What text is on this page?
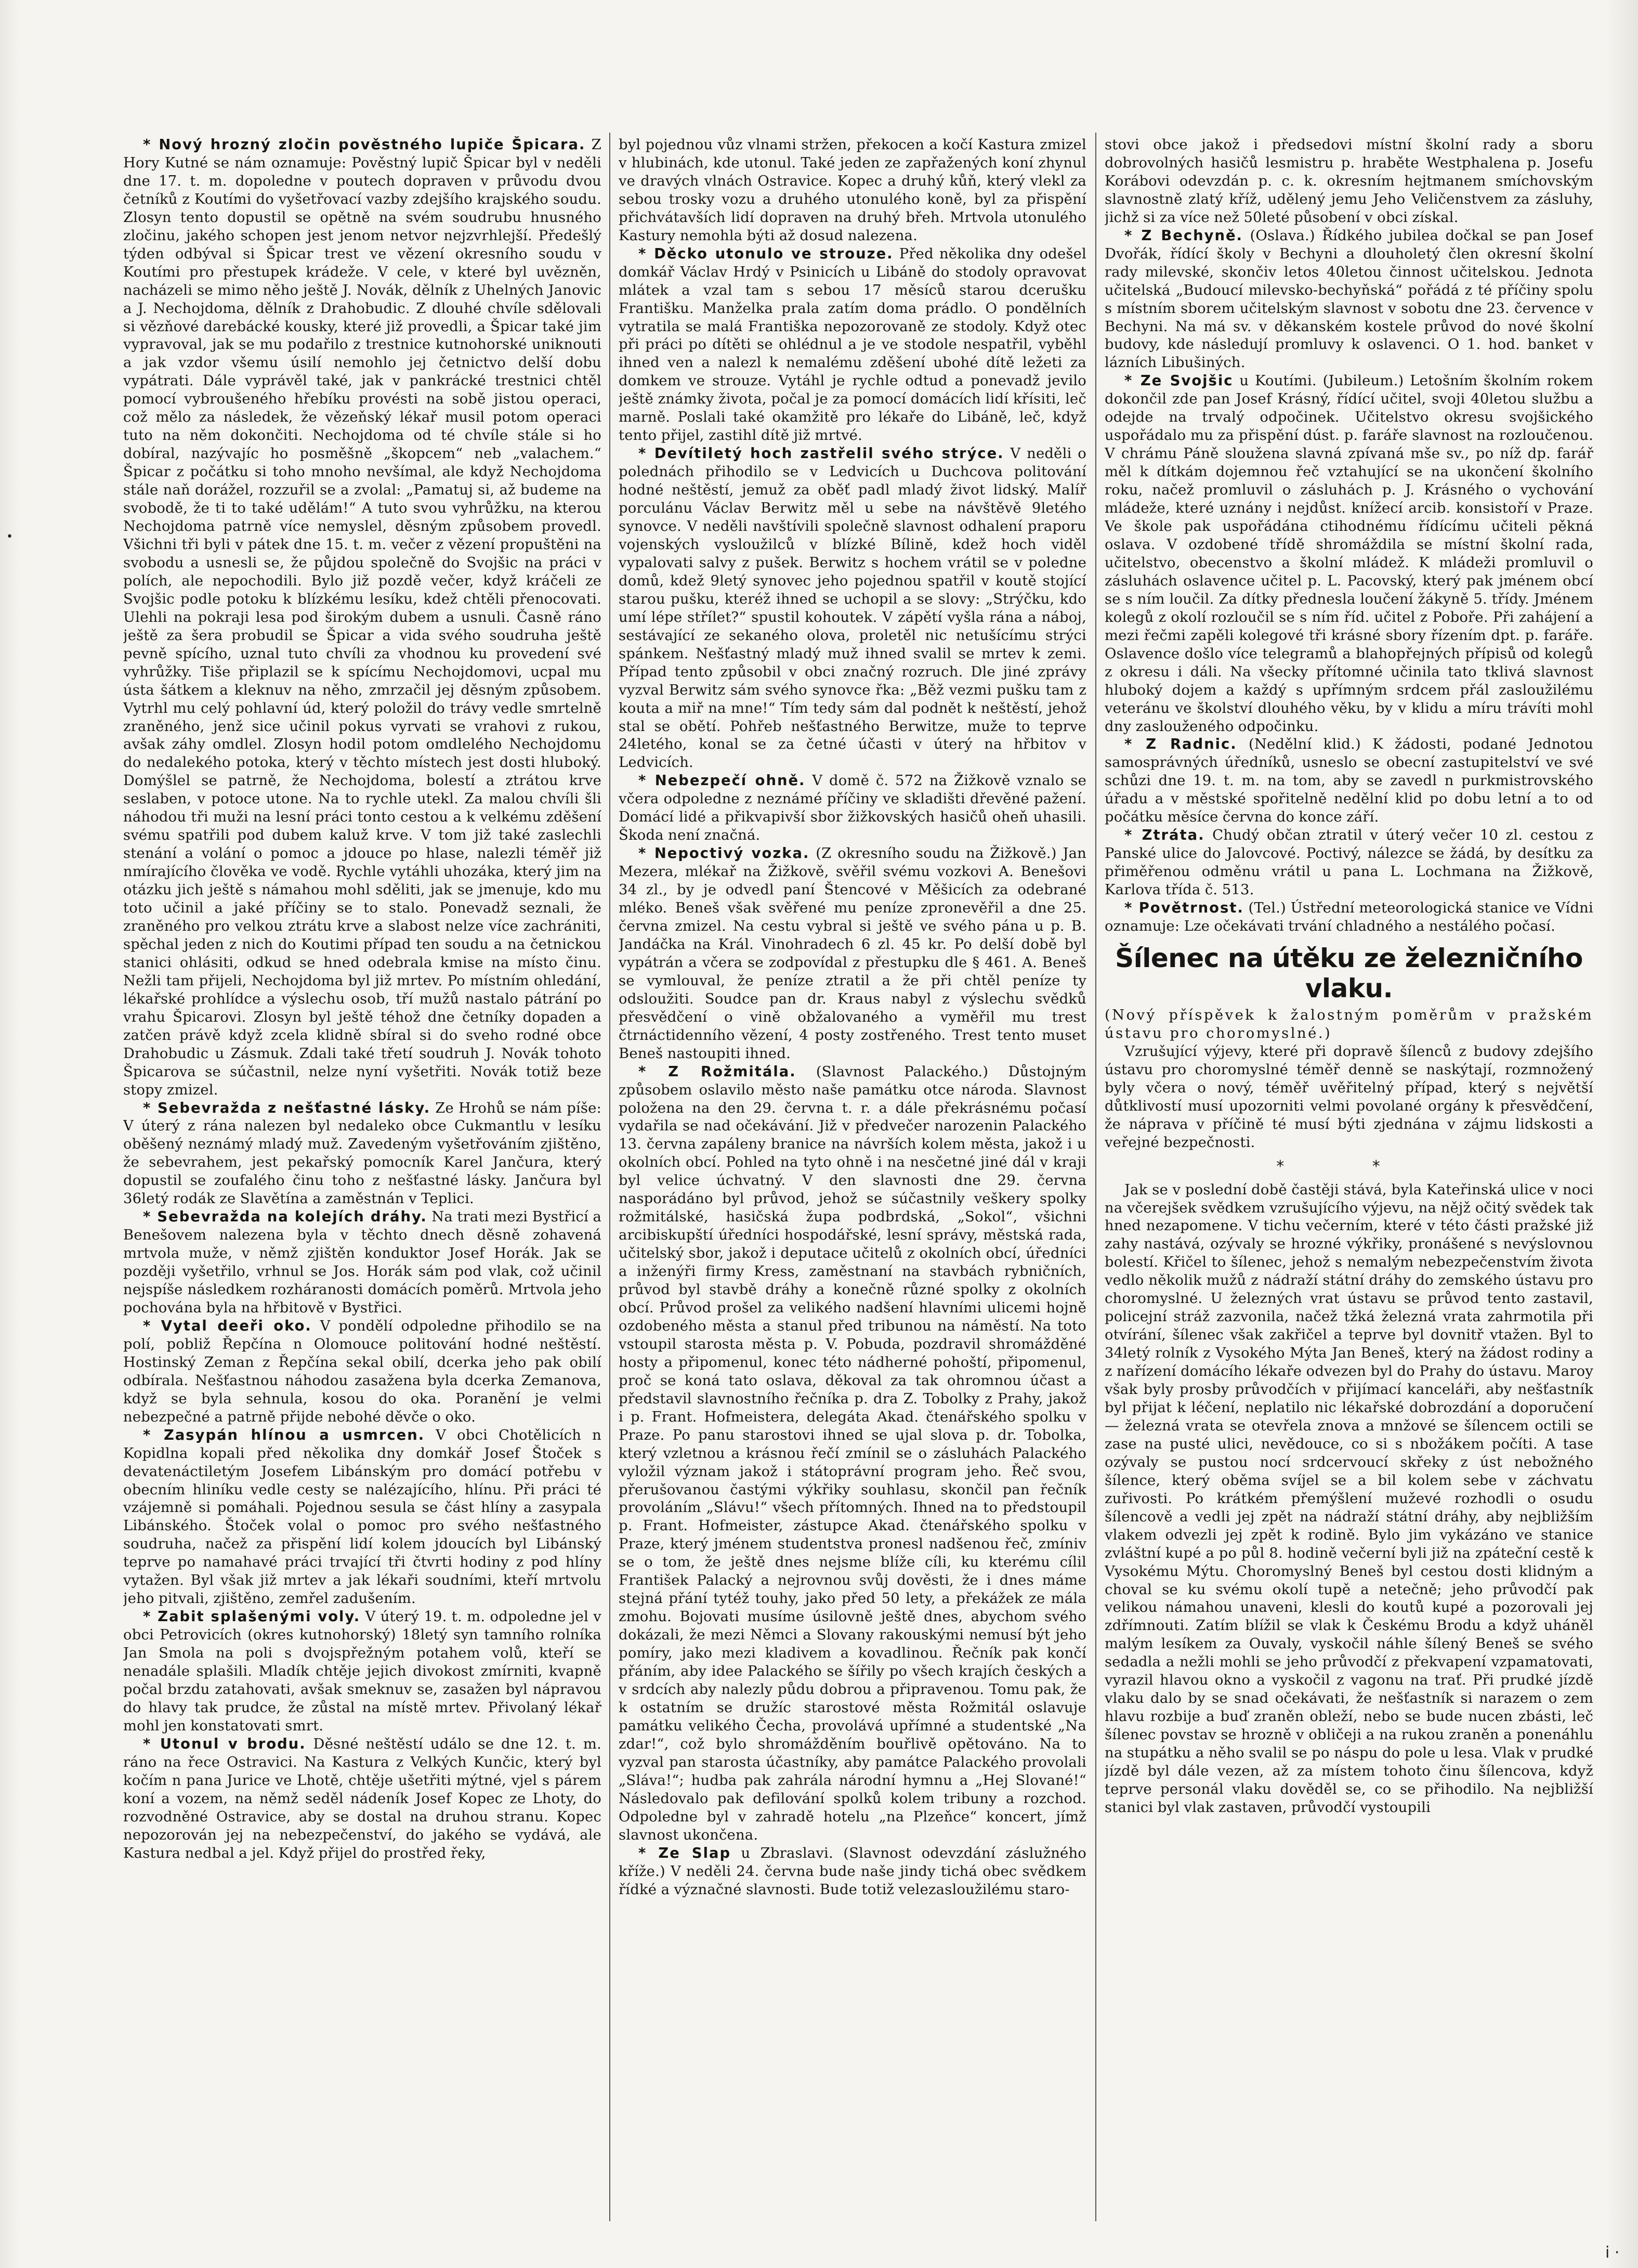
•
i ·

* Nový hrozný zločin pověstného lupiče Špicara. Z Hory Kutné se nám oznamuje: Pověstný lupič Špicar byl v neděli dne 17. t. m. dopoledne v poutech dopraven v průvodu dvou četníků z Koutími do vyšetřovací vazby zdejšího krajského soudu. Zlosyn tento dopustil se opětně na svém soudrubu hnusného zločinu, jakého schopen jest jenom netvor nejzvrhlejší. Předešlý týden odbýval si Špicar trest ve vězení okresního soudu v Koutími pro přestupek krádeže. V cele, v které byl uvězněn, nacházeli se mimo něho ještě J. Novák, dělník z Uhelných Janovic a J. Nechojdoma, dělník z Drahobudic. Z dlouhé chvíle sdělovali si vězňové darebácké kousky, které již provedli, a Špicar také jim vypravoval, jak se mu podařilo z trestnice kutnohorské uniknouti a jak vzdor všemu úsilí nemohlo jej četnictvo delší dobu vypátrati. Dále vyprávěl také, jak v pankrácké trestnici chtěl pomocí vybroušeného hřebíku provésti na sobě jistou operaci, což mělo za následek, že vězeňský lékař musil potom operaci tuto na něm dokončiti. Nechojdoma od té chvíle stále si ho dobíral, nazývajíc ho posměšně „škopcem“ neb „valachem.“ Špicar z počátku si toho mnoho nevšímal, ale když Nechojdoma stále naň dorážel, rozzuřil se a zvolal: „Pamatuj si, až budeme na svobodě, že ti to také udělám!“ A tuto svou vyhrůžku, na kterou Nechojdoma patrně více nemyslel, děsným způsobem provedl. Všichni tři byli v pátek dne 15. t. m. večer z vězení propuštěni na svobodu a usnesli se, že půjdou společně do Svojšic na práci v polích, ale nepochodili. Bylo již pozdě večer, když kráčeli ze Svojšic podle potoku k blízkému lesíku, kdež chtěli přenocovati. Ulehli na pokraji lesa pod širokým dubem a usnuli. Časně ráno ještě za šera probudil se Špicar a vida svého soudruha ještě pevně spícího, uznal tuto chvíli za vhodnou ku provedení své vyhrůžky. Tiše připlazil se k spícímu Nechojdomovi, ucpal mu ústa šátkem a kleknuv na něho, zmrzačil jej děsným způsobem. Vytrhl mu celý pohlavní úd, který položil do trávy vedle smrtelně zraněného, jenž sice učinil pokus vyrvati se vrahovi z rukou, avšak záhy omdlel. Zlosyn hodil potom omdlelého Nechojdomu do nedalekého potoka, který v těchto místech jest dosti hluboký. Domýšlel se patrně, že Nechojdoma, bolestí a ztrátou krve seslaben, v potoce utone. Na to rychle utekl. Za malou chvíli šli náhodou tři muži na lesní práci tonto cestou a k velkému zděšení svému spatřili pod dubem kaluž krve. V tom již také zaslechli stenání a volání o pomoc a jdouce po hlase, nalezli téměř již nmírajícího člověka ve vodě. Rychle vytáhli uhozáka, který jim na otázku jich ještě s námahou mohl sděliti, jak se jmenuje, kdo mu toto učinil a jaké příčiny se to stalo. Ponevadž seznali, že zraněného pro velkou ztrátu krve a slabost nelze více zachrániti, spěchal jeden z nich do Koutimi případ ten soudu a na četnickou stanici ohlásiti, odkud se hned odebrala kmise na místo činu. Nežli tam přijeli, Nechojdoma byl již mrtev. Po místním ohledání, lékařské prohlídce a výslechu osob, tří mužů nastalo pátrání po vrahu Špicarovi. Zlosyn byl ještě téhož dne četníky dopaden a zatčen právě když zcela klidně sbíral si do sveho rodné obce Drahobudic u Zásmuk. Zdali také třetí soudruh J. Novák tohoto Špicarova se súčastnil, nelze nyní vyšetřiti. Novák totiž beze stopy zmizel.

* Sebevražda z nešťastné lásky. Ze Hrohů se nám píše: V úterý z rána nalezen byl nedaleko obce Cukmantlu v lesíku oběšený neznámý mladý muž. Zavedeným vyšetřováním zjištěno, že sebevrahem, jest pekařský pomocník Karel Jančura, který dopustil se zoufalého činu toho z nešťastné lásky. Jančura byl 36letý rodák ze Slavětína a zaměstnán v Teplici.

* Sebevražda na kolejích dráhy. Na trati mezi Bystřicí a Benešovem nalezena byla v těchto dnech děsně zohavená mrtvola muže, v němž zjištěn konduktor Josef Horák. Jak se později vyšetřilo, vrhnul se Jos. Horák sám pod vlak, což učinil nejspíše následkem rozháranosti domácích poměrů. Mrtvola jeho pochována byla na hřbitově v Bystřici.

* Vytal deeři oko. V pondělí odpoledne přihodilo se na polí, pobliž Řepčína n Olomouce politování hodné neštěstí. Hostinský Zeman z Řepčína sekal obilí, dcerka jeho pak obilí odbírala. Nešťastnou náhodou zasažena byla dcerka Zemanova, když se byla sehnula, kosou do oka. Poranění je velmi nebezpečné a patrně přijde nebohé děvče o oko.

* Zasypán hlínou a usmrcen. V obci Chotělicích n Kopidlna kopali před několika dny domkář Josef Štoček s devatenáctiletým Josefem Libánským pro domácí potřebu v obecním hliníku vedle cesty se nalézajícího, hlínu. Při práci té vzájemně si pomáhali. Pojednou sesula se část hlíny a zasypala Libánského. Štoček volal o pomoc pro svého nešťastného soudruha, načež za přispění lidí kolem jdoucích byl Libánský teprve po namahavé práci trvající tři čtvrti hodiny z pod hlíny vytažen. Byl však již mrtev a jak lékaři soudními, kteří mrtvolu jeho pitvali, zjištěno, zemřel zadušením.

* Zabit splašenými voly. V úterý 19. t. m. odpoledne jel v obci Petrovicích (okres kutnohorský) 18letý syn tamního rolníka Jan Smola na poli s dvojspřežným potahem volů, kteří se nenadále splašili. Mladík chtěje jejich divokost zmírniti, kvapně počal brzdu zatahovati, avšak smeknuv se, zasažen byl nápravou do hlavy tak prudce, že zůstal na místě mrtev. Přivolaný lékař mohl jen konstatovati smrt.

* Utonul v brodu. Děsné neštěstí událo se dne 12. t. m. ráno na řece Ostravici. Na Kastura z Velkých Kunčic, který byl kočím n pana Jurice ve Lhotě, chtěje ušetřiti mýtné, vjel s párem koní a vozem, na němž seděl nádeník Josef Kopec ze Lhoty, do rozvodněné Ostravice, aby se dostal na druhou stranu. Kopec nepozorován jej na nebezpečenství, do jakého se vydává, ale Kastura nedbal a jel. Když přijel do prostřed řeky,

byl pojednou vůz vlnami stržen, překocen a kočí Kastura zmizel v hlubinách, kde utonul. Také jeden ze zapřažených koní zhynul ve dravých vlnách Ostravice. Kopec a druhý kůň, který vlekl za sebou trosky vozu a druhého utonulého koně, byl za přispění přichvátavších lidí dopraven na druhý břeh. Mrtvola utonulého Kastury nemohla býti až dosud nalezena.

* Děcko utonulo ve strouze. Před několika dny odešel domkář Václav Hrdý v Psinicích u Libáně do stodoly opravovat mlátek a vzal tam s sebou 17 měsíců starou dcerušku Františku. Manželka prala zatím doma prádlo. O pondělních vytratila se malá Františka nepozorovaně ze stodoly. Když otec při práci po dítěti se ohlédnul a je ve stodole nespatřil, vyběhl ihned ven a nalezl k nemalému zděšení ubohé dítě ležeti za domkem ve strouze. Vytáhl je rychle odtud a ponevadž jevilo ještě známky života, počal je za pomocí domácích lidí křísiti, leč marně. Poslali také okamžitě pro lékaře do Libáně, leč, když tento přijel, zastihl dítě již mrtvé.

* Devítiletý hoch zastřelil svého strýce. V neděli o polednách přihodilo se v Ledvicích u Duchcova politování hodné neštěstí, jemuž za oběť padl mladý život lidský. Malíř porculánu Václav Berwitz měl u sebe na návštěvě 9letého synovce. V neděli navštívili společně slavnost odhalení praporu vojenských vysloužilců v blízké Bílině, kdež hoch viděl vypalovati salvy z pušek. Berwitz s hochem vrátil se v poledne domů, kdež 9letý synovec jeho pojednou spatřil v koutě stojící starou pušku, kteréž ihned se uchopil a se slovy: „Strýčku, kdo umí lépe střílet?“ spustil kohoutek. V zápětí vyšla rána a náboj, sestávající ze sekaného olova, proletěl nic netušícímu strýci spánkem. Nešťastný mladý muž ihned svalil se mrtev k zemi. Případ tento způsobil v obci značný rozruch. Dle jiné zprávy vyzval Berwitz sám svého synovce řka: „Běž vezmi pušku tam z kouta a miř na mne!“ Tím tedy sám dal podnět k neštěstí, jehož stal se obětí. Pohřeb nešťastného Berwitze, muže to teprve 24letého, konal se za četné účasti v úterý na hřbitov v Ledvicích.

* Nebezpečí ohně. V domě č. 572 na Žižkově vznalo se včera odpoledne z neznámé příčiny ve skladišti dřevěné pažení. Domácí lidé a přikvapivší sbor žižkovských hasičů oheň uhasili. Škoda není značná.

* Nepoctivý vozka. (Z okresního soudu na Žižkově.) Jan Mezera, mlékař na Žižkově, svěřil svému vozkovi A. Benešovi 34 zl., by je odvedl paní Štencové v Měšicích za odebrané mléko. Beneš však svěřené mu peníze zpronevěřil a dne 25. června zmizel. Na cestu vybral si ještě ve svého pána u p. B. Jandáčka na Král. Vinohradech 6 zl. 45 kr. Po delší době byl vypátrán a včera se zodpovídal z přestupku dle § 461. A. Beneš se vymlouval, že peníze ztratil a že při chtěl peníze ty odsloužiti. Soudce pan dr. Kraus nabyl z výslechu svědků přesvědčení o vině obžalovaného a vyměřil mu trest čtrnáctidenního vězení, 4 posty zostřeného. Trest tento muset Beneš nastoupiti ihned.

* Z Rožmitála. (Slavnost Palackého.) Důstojným způsobem oslavilo město naše památku otce národa. Slavnost položena na den 29. června t. r. a dále překrásnému počasí vydařila se nad očekávání. Již v předvečer narozenin Palackého 13. června zapáleny branice na návrších kolem města, jakož i u okolních obcí. Pohled na tyto ohně i na nesčetné jiné dál v kraji byl velice úchvatný. V den slavnosti dne 29. června nasporádáno byl průvod, jehož se súčastnily veškery spolky rožmitálské, hasičská župa podbrdská, „Sokol“, všichni arcibiskupští úředníci hospodářské, lesní správy, městská rada, učitelský sbor, jakož i deputace učitelů z okolních obcí, úředníci a inženýři firmy Kress, zaměstnaní na stavbách rybničních, průvod byl stavbě dráhy a konečně různé spolky z okolních obcí. Průvod prošel za velikého nadšení hlavními ulicemi hojně ozdobeného města a stanul před tribunou na náměstí. Na toto vstoupil starosta města p. V. Pobuda, pozdravil shromážděné hosty a připomenul, konec této nádherné pohoští, připomenul, proč se koná tato oslava, děkoval za tak ohromnou účast a představil slavnostního řečníka p. dra Z. Tobolky z Prahy, jakož i p. Frant. Hofmeistera, delegáta Akad. čtenářského spolku v Praze. Po panu starostovi ihned se ujal slova p. dr. Tobolka, který vzletnou a krásnou řečí zmínil se o zásluhách Palackého vyložil význam jakož i státoprávní program jeho. Řeč svou, přerušovanou častými výkřiky souhlasu, skončil pan řečník provoláním „Slávu!“ všech přítomných. Ihned na to předstoupil p. Frant. Hofmeister, zástupce Akad. čtenářského spolku v Praze, který jménem studentstva pronesl nadšenou řeč, zmíniv se o tom, že ještě dnes nejsme blíže cíli, ku kterému cílil František Palacký a nejrovnou svůj dověsti, že i dnes máme stejná přání tytéž touhy, jako před 50 lety, a překážek ze mála zmohu. Bojovati musíme úsilovně ještě dnes, abychom svého dokázali, že mezi Němci a Slovany rakouskými nemusí být jeho pomíry, jako mezi kladivem a kovadlinou. Řečník pak končí přáním, aby idee Palackého se šířily po všech krajích českých a v srdcích aby nalezly půdu dobrou a připravenou. Tomu pak, že k ostatním se družíc starostové města Rožmitál oslavuje památku velikého Čecha, provolává upřímné a studentské „Na zdar!“, což bylo shromážděním bouřlivě opětováno. Na to vyzval pan starosta účastníky, aby památce Palackého provolali „Sláva!“; hudba pak zahrála národní hymnu a „Hej Slované!“ Následovalo pak defilování spolků kolem tribuny a rozchod. Odpoledne byl v zahradě hotelu „na Plzeňce“ koncert, jímž slavnost ukončena.

* Ze Slap u Zbraslavi. (Slavnost odevzdání záslužného kříže.) V neděli 24. června bude naše jindy tichá obec svědkem řídké a význačné slavnosti. Bude totiž velezasloužilému staro-

stovi obce jakož i předsedovi místní školní rady a sboru dobrovolných hasičů lesmistru p. hraběte Westphalena p. Josefu Korábovi odevzdán p. c. k. okresním hejtmanem smíchovským slavnostně zlatý kříž, udělený jemu Jeho Veličenstvem za zásluhy, jichž si za více než 50leté působení v obci získal.

* Z Bechyně. (Oslava.) Řídkého jubilea dočkal se pan Josef Dvořák, řídící školy v Bechyni a dlouholetý člen okresní školní rady milevské, skončiv letos 40letou činnost učitelskou. Jednota učitelská „Budoucí milevsko-bechyňská“ pořádá z té příčiny spolu s místním sborem učitelským slavnost v sobotu dne 23. července v Bechyni. Na má sv. v děkanském kostele průvod do nové školní budovy, kde následují promluvy k oslavenci. O 1. hod. banket v lázních Libušiných.

* Ze Svojšic u Koutími. (Jubileum.) Letošním školním rokem dokončil zde pan Josef Krásný, řídící učitel, svoji 40letou službu a odejde na trvalý odpočinek. Učitelstvo okresu svojšického uspořádalo mu za přispění dúst. p. faráře slavnost na rozloučenou. V chrámu Páně sloužena slavná zpívaná mše sv., po níž dp. farář měl k dítkám dojemnou řeč vztahující se na ukončení školního roku, načež promluvil o zásluhách p. J. Krásného o vychování mládeže, které uznány i nejdůst. knížecí arcib. konsistoří v Praze. Ve škole pak uspořádána ctihodnému řídícímu učiteli pěkná oslava. V ozdobené třídě shromáždila se místní školní rada, učitelstvo, obecenstvo a školní mládež. K mládeži promluvil o zásluhách oslavence učitel p. L. Pacovský, který pak jménem obcí se s ním loučil. Za dítky přednesla loučení žákyně 5. třídy. Jménem kolegů z okolí rozloučil se s ním říd. učitel z Poboře. Při zahájení a mezi řečmi zapěli kolegové tři krásné sbory řízením dpt. p. faráře. Oslavence došlo více telegramů a blahopřejných přípisů od kolegů z okresu i dáli. Na všecky přítomné učinila tato tklivá slavnost hluboký dojem a každý s upřímným srdcem přál zasloužilému veteránu ve školství dlouhého věku, by v klidu a míru trávíti mohl dny zaslouženého odpočinku.

* Z Radnic. (Nedělní klid.) K žádosti, podané Jednotou samosprávných úředníků, usneslo se obecní zastupitelství ve své schůzi dne 19. t. m. na tom, aby se zavedl n purkmistrovského úřadu a v městské spořitelně nedělní klid po dobu letní a to od počátku měsíce června do konce září.

* Ztráta. Chudý občan ztratil v úterý večer 10 zl. cestou z Panské ulice do Jalovcové. Poctivý, nálezce se žádá, by desítku za přiměřenou odměnu vrátil u pana L. Lochmana na Žižkově, Karlova třída č. 513.

* Povětrnost. (Tel.) Ústřední meteorologická stanice ve Vídni oznamuje: Lze očekávati trvání chladného a nestálého počasí.

Šílenec na útěku ze železničního vlaku.

(Nový příspěvek k žalostným poměrům v pražském ústavu pro choromyslné.)

Vzrušující výjevy, které při dopravě šílenců z budovy zdejšího ústavu pro choromyslné téměř denně se naskýtají, rozmnožený byly včera o nový, téměř uvěřitelný případ, který s největší důtklivostí musí upozorniti velmi povolané orgány k přesvědčení, že náprava v příčině té musí býti zjednána v zájmu lidskosti a veřejné bezpečnosti.

* *

Jak se v poslední době častěji stává, byla Kateřinská ulice v noci na včerejšek svědkem vzrušujícího výjevu, na nějž očitý svědek tak hned nezapomene. V tichu večerním, které v této části pražské již zahy nastává, ozývaly se hrozné výkřiky, pronášené s nevýslovnou bolestí. Křičel to šílenec, jehož s nemalým nebezpečenstvím života vedlo několik mužů z nádraží státní dráhy do zemského ústavu pro choromyslné. U železných vrat ústavu se průvod tento zastavil, policejní stráž zazvonila, načež tžká železná vrata zahrmotila při otvírání, šílenec však zakřičel a teprve byl dovnitř vtažen. Byl to 34letý rolník z Vysokého Mýta Jan Beneš, který na žádost rodiny a z nařízení domácího lékaře odvezen byl do Prahy do ústavu. Maroy však byly prosby průvodčích v přijímací kanceláři, aby nešťastník byl přijat k léčení, neplatilo nic lékařské dobrozdání a doporučení — železná vrata se otevřela znova a mnžové se šílencem octili se zase na pusté ulici, nevědouce, co si s nbožákem počíti. A tase ozývaly se pustou nocí srdcervoucí skřeky z úst nebožného šílence, který oběma svíjel se a bil kolem sebe v záchvatu zuřivosti. Po krátkém přemýšlení muževé rozhodli o osudu šílencově a vedli jej zpět na nádraží státní dráhy, aby nejbližším vlakem odvezli jej zpět k rodině. Bylo jim vykázáno ve stanice zvláštní kupé a po půl 8. hodině večerní byli již na zpáteční cestě k Vysokému Mýtu. Choromyslný Beneš byl cestou dosti klidným a choval se ku svému okolí tupě a netečně; jeho průvodčí pak velikou námahou unaveni, klesli do koutů kupé a pozorovali jej zdřímnouti. Zatím blížil se vlak k Českému Brodu a když uháněl malým lesíkem za Ouvaly, vyskočil náhle šílený Beneš se svého sedadla a nežli mohli se jeho průvodčí z překvapení vzpamatovati, vyrazil hlavou okno a vyskočil z vagonu na trať. Při prudké jízdě vlaku dalo by se snad očekávati, že nešťastník si narazem o zem hlavu rozbije a buď zraněn obleží, nebo se bude nucen zbásti, leč šílenec povstav se hrozně v obličeji a na rukou zraněn a ponenáhlu na stupátku a něho svalil se po náspu do pole u lesa. Vlak v prudké jízdě byl dále vezen, až za místem tohoto činu šílencova, když teprve personál vlaku dověděl se, co se přihodilo. Na nejbližší stanici byl vlak zastaven, průvodčí vystoupili
